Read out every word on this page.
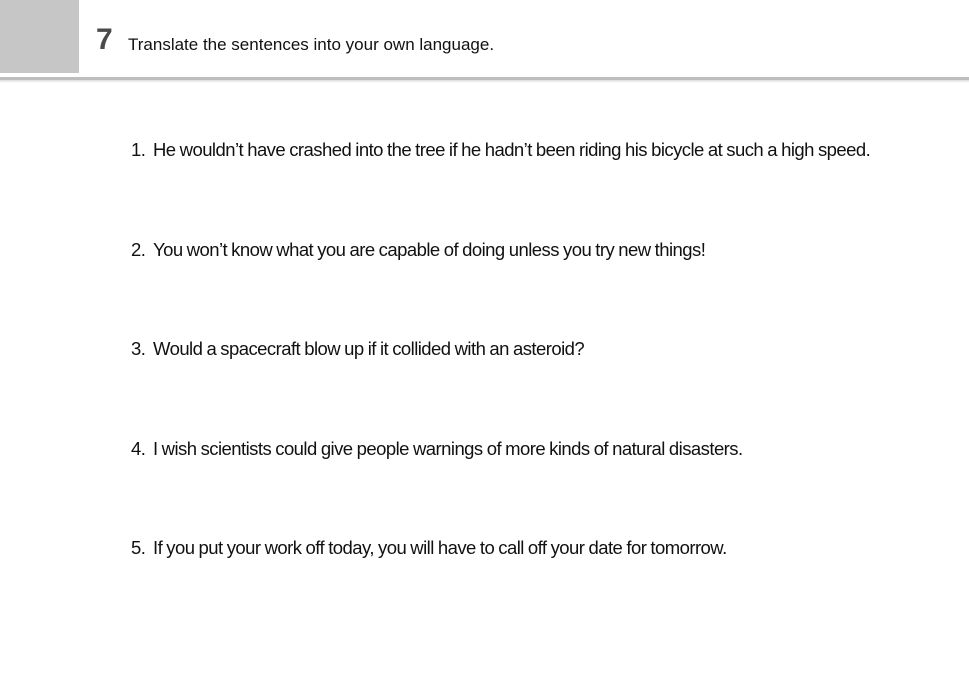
7 Translate the sentences into your own language.
1. He wouldn’t have crashed into the tree if he hadn’t been riding his bicycle at such a high speed.
2. You won’t know what you are capable of doing unless you try new things!
3. Would a spacecraft blow up if it collided with an asteroid?
4. I wish scientists could give people warnings of more kinds of natural disasters.
5. If you put your work off today, you will have to call off your date for tomorrow.
